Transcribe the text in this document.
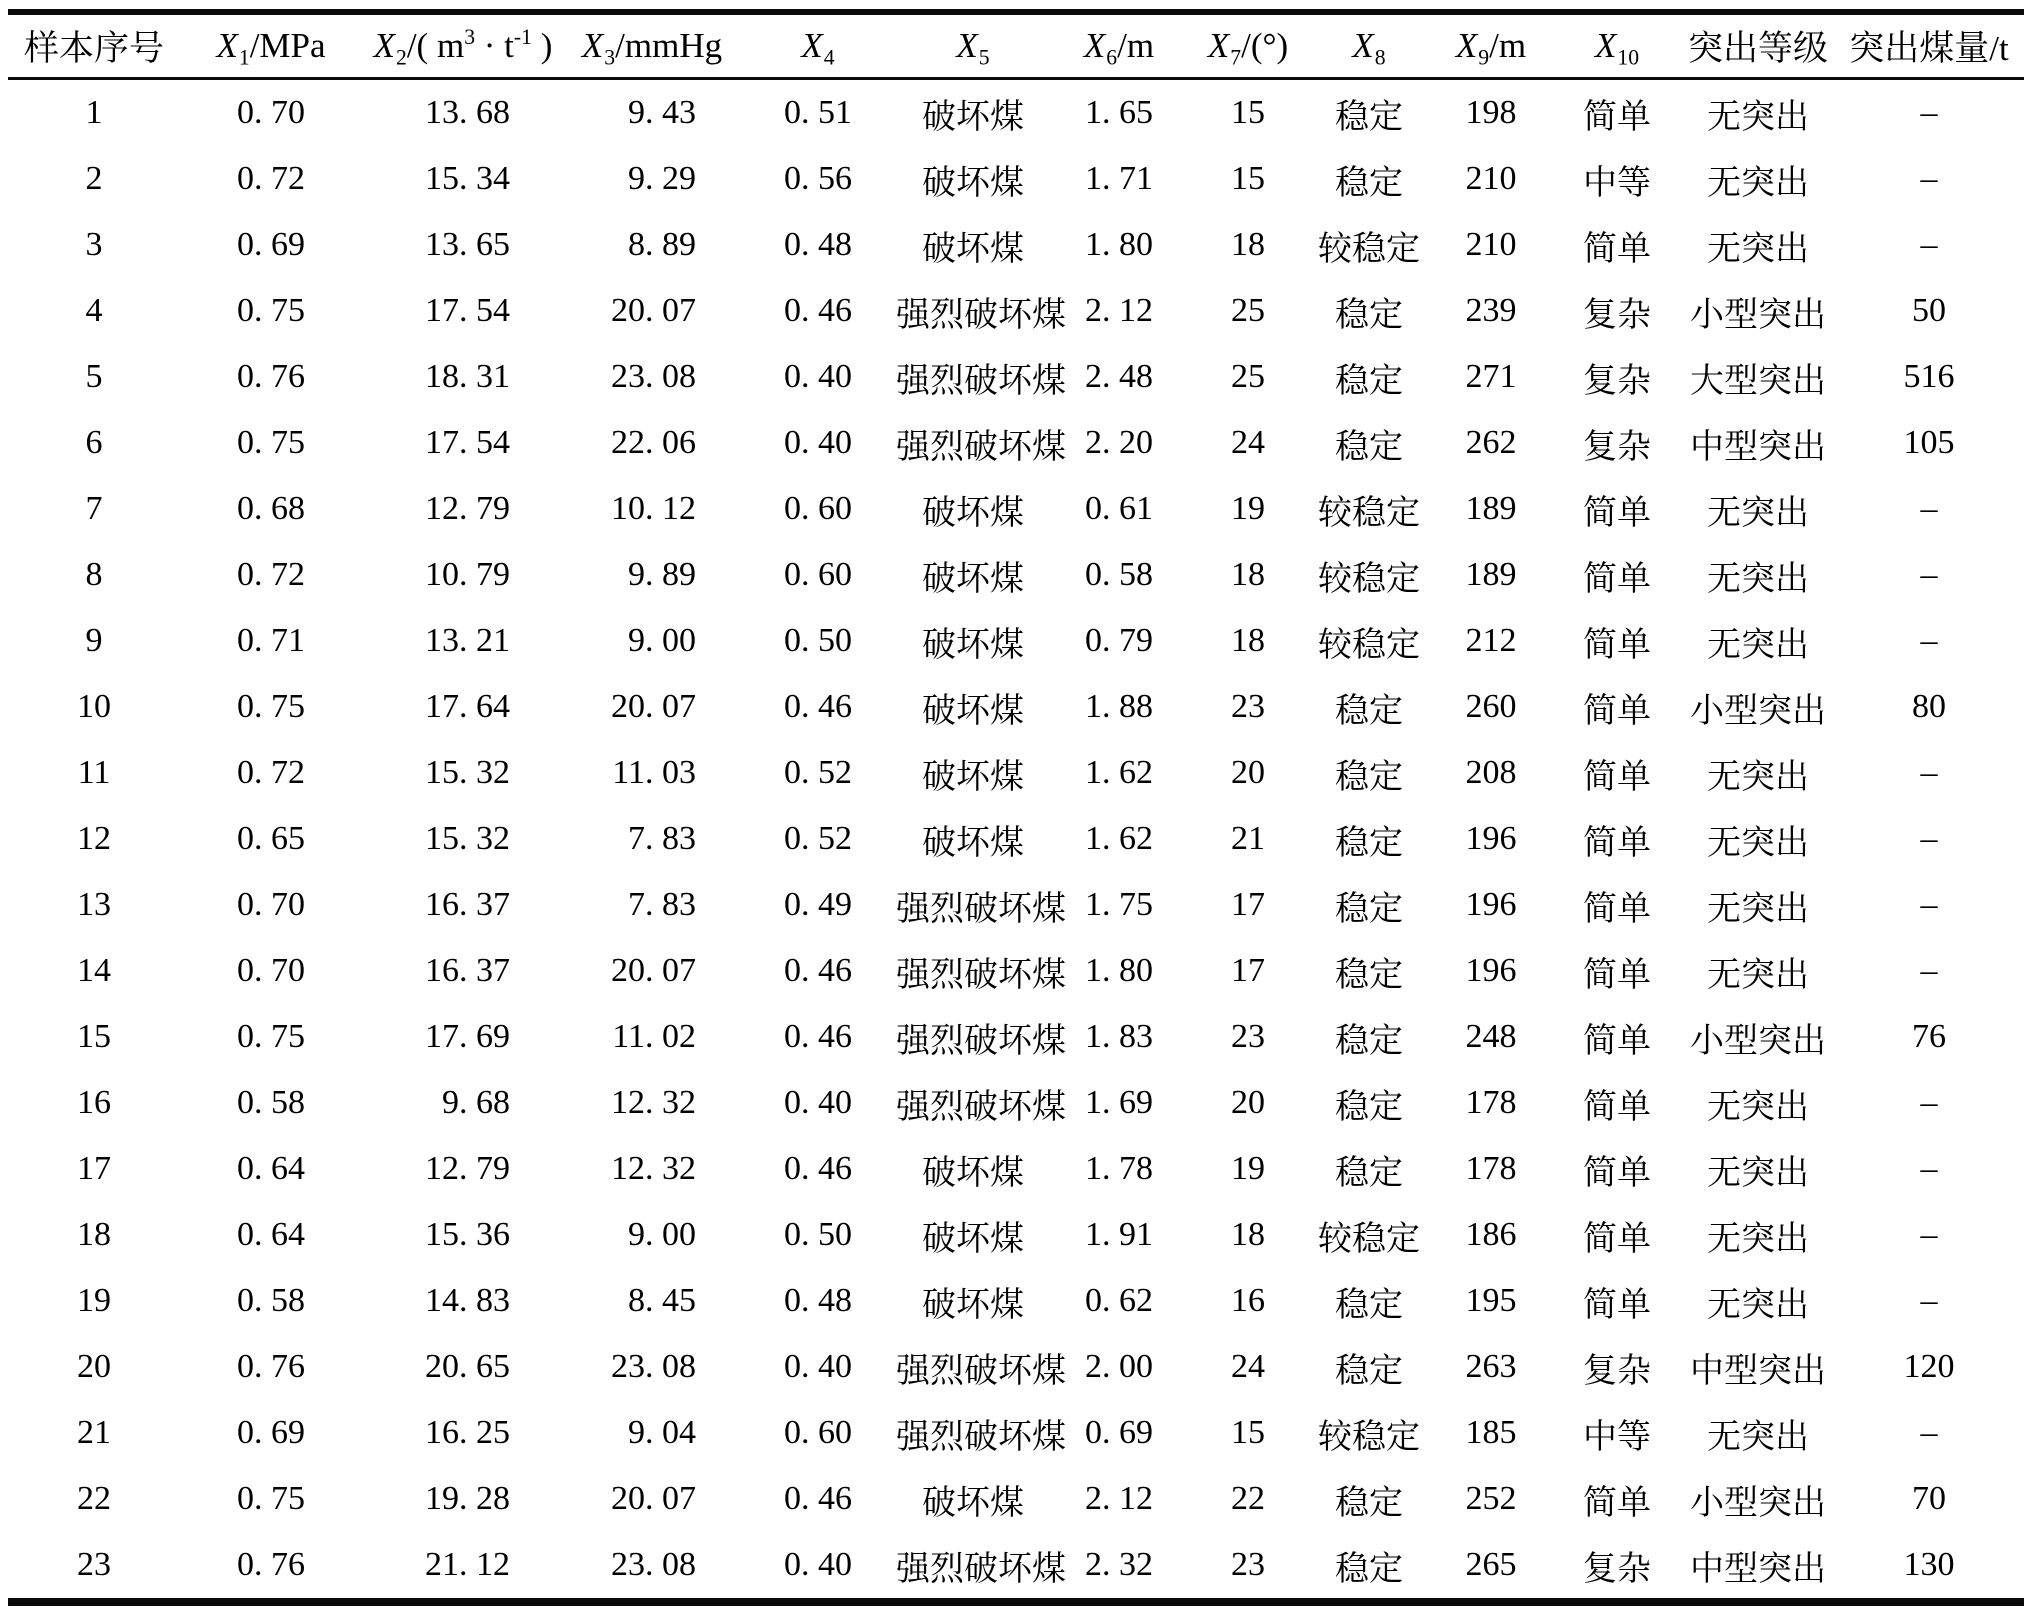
样本序号	$X_1$/MPa	$X_2/$( $m^3 \cdot t^{-1}$ )	$X_3$/mmHg	$X_4$	$X_5$	$X_6/m$	$X_7/(^\circ)$	$X_8$	$X_9/m$	$X_{10}$	突出等级	突出煤量/t
1	0. 70	13. 68	9. 43	0. 51	破坏煤	1. 65	15	稳定	198	简单	无突出	–
2	0. 72	15. 34	9. 29	0. 56	破坏煤	1. 71	15	稳定	210	中等	无突出	–
3	0. 69	13. 65	8. 89	0. 48	破坏煤	1. 80	18	较稳定	210	简单	无突出	–
4	0. 75	17. 54	20. 07	0. 46	强烈破坏煤	2. 12	25	稳定	239	复杂	小型突出	50
5	0. 76	18. 31	23. 08	0. 40	强烈破坏煤	2. 48	25	稳定	271	复杂	大型突出	516
6	0. 75	17. 54	22. 06	0. 40	强烈破坏煤	2. 20	24	稳定	262	复杂	中型突出	105
7	0. 68	12. 79	10. 12	0. 60	破坏煤	0. 61	19	较稳定	189	简单	无突出	–
8	0. 72	10. 79	9. 89	0. 60	破坏煤	0. 58	18	较稳定	189	简单	无突出	–
9	0. 71	13. 21	9. 00	0. 50	破坏煤	0. 79	18	较稳定	212	简单	无突出	–
10	0. 75	17. 64	20. 07	0. 46	破坏煤	1. 88	23	稳定	260	简单	小型突出	80
11	0. 72	15. 32	11. 03	0. 52	破坏煤	1. 62	20	稳定	208	简单	无突出	–
12	0. 65	15. 32	7. 83	0. 52	破坏煤	1. 62	21	稳定	196	简单	无突出	–
13	0. 70	16. 37	7. 83	0. 49	强烈破坏煤	1. 75	17	稳定	196	简单	无突出	–
14	0. 70	16. 37	20. 07	0. 46	强烈破坏煤	1. 80	17	稳定	196	简单	无突出	–
15	0. 75	17. 69	11. 02	0. 46	强烈破坏煤	1. 83	23	稳定	248	简单	小型突出	76
16	0. 58	9. 68	12. 32	0. 40	强烈破坏煤	1. 69	20	稳定	178	简单	无突出	–
17	0. 64	12. 79	12. 32	0. 46	破坏煤	1. 78	19	稳定	178	简单	无突出	–
18	0. 64	15. 36	9. 00	0. 50	破坏煤	1. 91	18	较稳定	186	简单	无突出	–
19	0. 58	14. 83	8. 45	0. 48	破坏煤	0. 62	16	稳定	195	简单	无突出	–
20	0. 76	20. 65	23. 08	0. 40	强烈破坏煤	2. 00	24	稳定	263	复杂	中型突出	120
21	0. 69	16. 25	9. 04	0. 60	强烈破坏煤	0. 69	15	较稳定	185	中等	无突出	–
22	0. 75	19. 28	20. 07	0. 46	破坏煤	2. 12	22	稳定	252	简单	小型突出	70
23	0. 76	21. 12	23. 08	0. 40	强烈破坏煤	2. 32	23	稳定	265	复杂	中型突出	130
